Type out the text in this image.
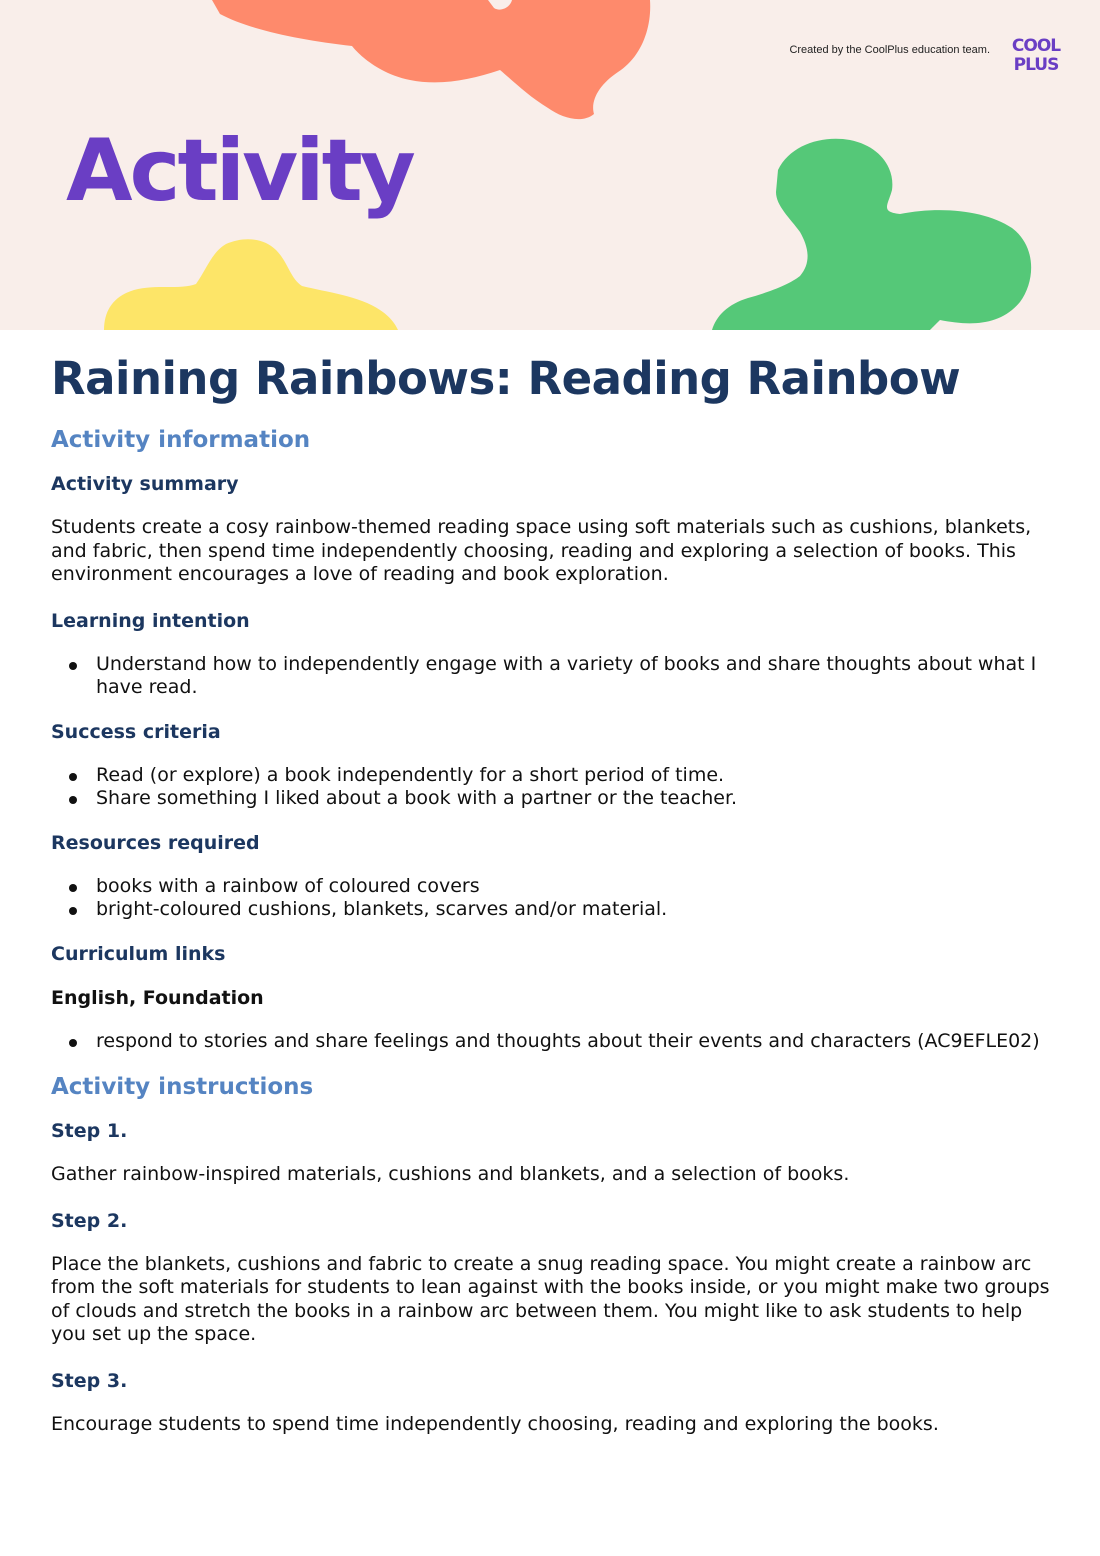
Created by the CoolPlus education team. COOL
PLUS
Activity
Raining Rainbows: Reading Rainbow
Activity information
Activity summary

Students create a cosy rainbow-themed reading space using soft materials such as cushions, blankets, and fabric, then spend time independently choosing, reading and exploring a selection of books. This environment encourages a love of reading and book exploration.

Learning intention
Understand how to independently engage with a variety of books and share thoughts about what I have read.
Success criteria
Read (or explore) a book independently for a short period of time.
Share something I liked about a book with a partner or the teacher.
Resources required
books with a rainbow of coloured covers
bright-coloured cushions, blankets, scarves and/or material.
Curriculum links
English, Foundation
respond to stories and share feelings and thoughts about their events and characters (AC9EFLE02)
Activity instructions
Step 1.

Gather rainbow-inspired materials, cushions and blankets, and a selection of books.

Step 2.

Place the blankets, cushions and fabric to create a snug reading space. You might create a rainbow arc from the soft materials for students to lean against with the books inside, or you might make two groups of clouds and stretch the books in a rainbow arc between them. You might like to ask students to help you set up the space.

Step 3.

Encourage students to spend time independently choosing, reading and exploring the books.
